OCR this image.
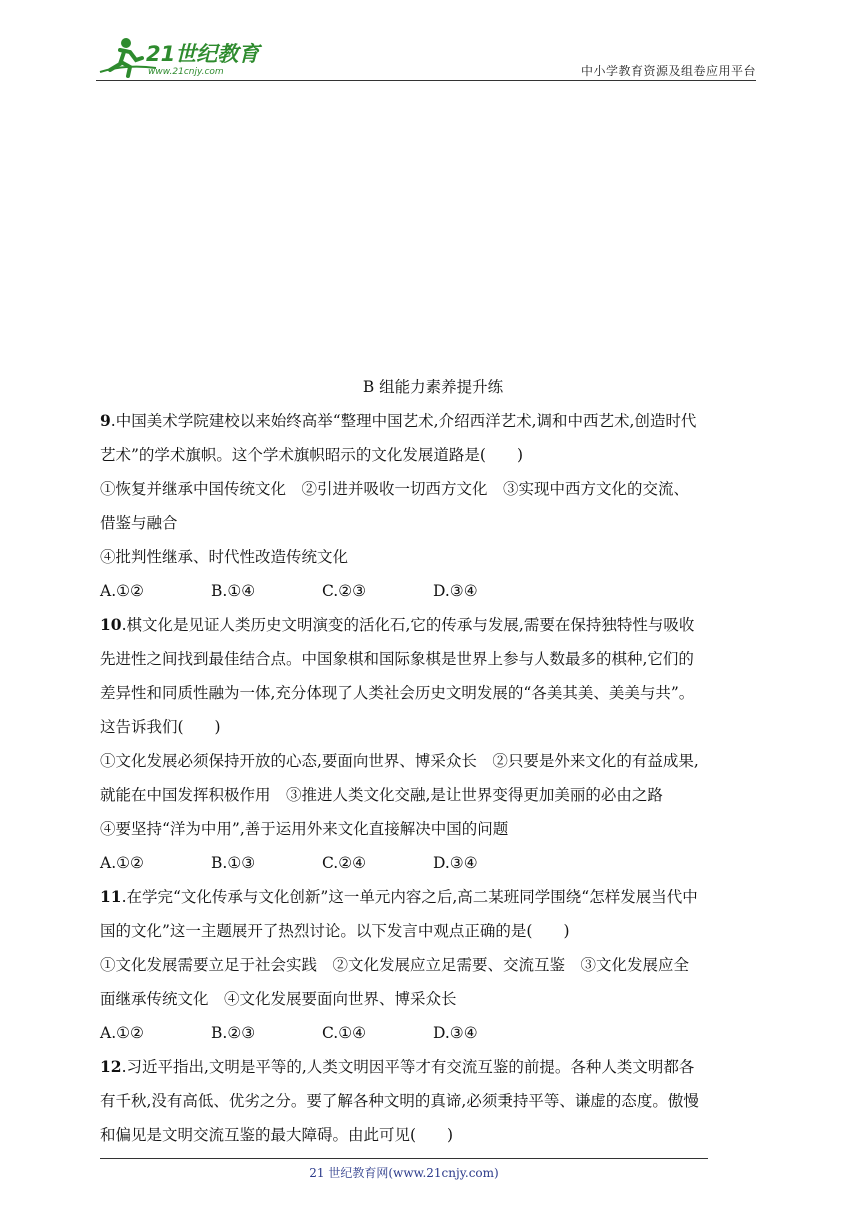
21世纪教育
www.21cnjy.com	中小学教育资源及组卷应用平台

B 组能力素养提升练

9.中国美术学院建校以来始终高举“整理中国艺术,介绍西洋艺术,调和中西艺术,创造时代

艺术”的学术旗帜。这个学术旗帜昭示的文化发展道路是(　　)

①恢复并继承中国传统文化　②引进并吸收一切西方文化　③实现中西方文化的交流、

借鉴与融合

④批判性继承、时代性改造传统文化

A.①②	B.①④	C.②③	D.③④

10.棋文化是见证人类历史文明演变的活化石,它的传承与发展,需要在保持独特性与吸收

先进性之间找到最佳结合点。中国象棋和国际象棋是世界上参与人数最多的棋种,它们的

差异性和同质性融为一体,充分体现了人类社会历史文明发展的“各美其美、美美与共”。

这告诉我们(　　)

①文化发展必须保持开放的心态,要面向世界、博采众长　②只要是外来文化的有益成果,

就能在中国发挥积极作用　③推进人类文化交融,是让世界变得更加美丽的必由之路

④要坚持“洋为中用”,善于运用外来文化直接解决中国的问题

A.①②	B.①③	C.②④	D.③④

11.在学完“文化传承与文化创新”这一单元内容之后,高二某班同学围绕“怎样发展当代中

国的文化”这一主题展开了热烈讨论。以下发言中观点正确的是(　　)

①文化发展需要立足于社会实践　②文化发展应立足需要、交流互鉴　③文化发展应全

面继承传统文化　④文化发展要面向世界、博采众长

A.①②	B.②③	C.①④	D.③④

12.习近平指出,文明是平等的,人类文明因平等才有交流互鉴的前提。各种人类文明都各

有千秋,没有高低、优劣之分。要了解各种文明的真谛,必须秉持平等、谦虚的态度。傲慢

和偏见是文明交流互鉴的最大障碍。由此可见(　　)

21 世纪教育网(www.21cnjy.com)
